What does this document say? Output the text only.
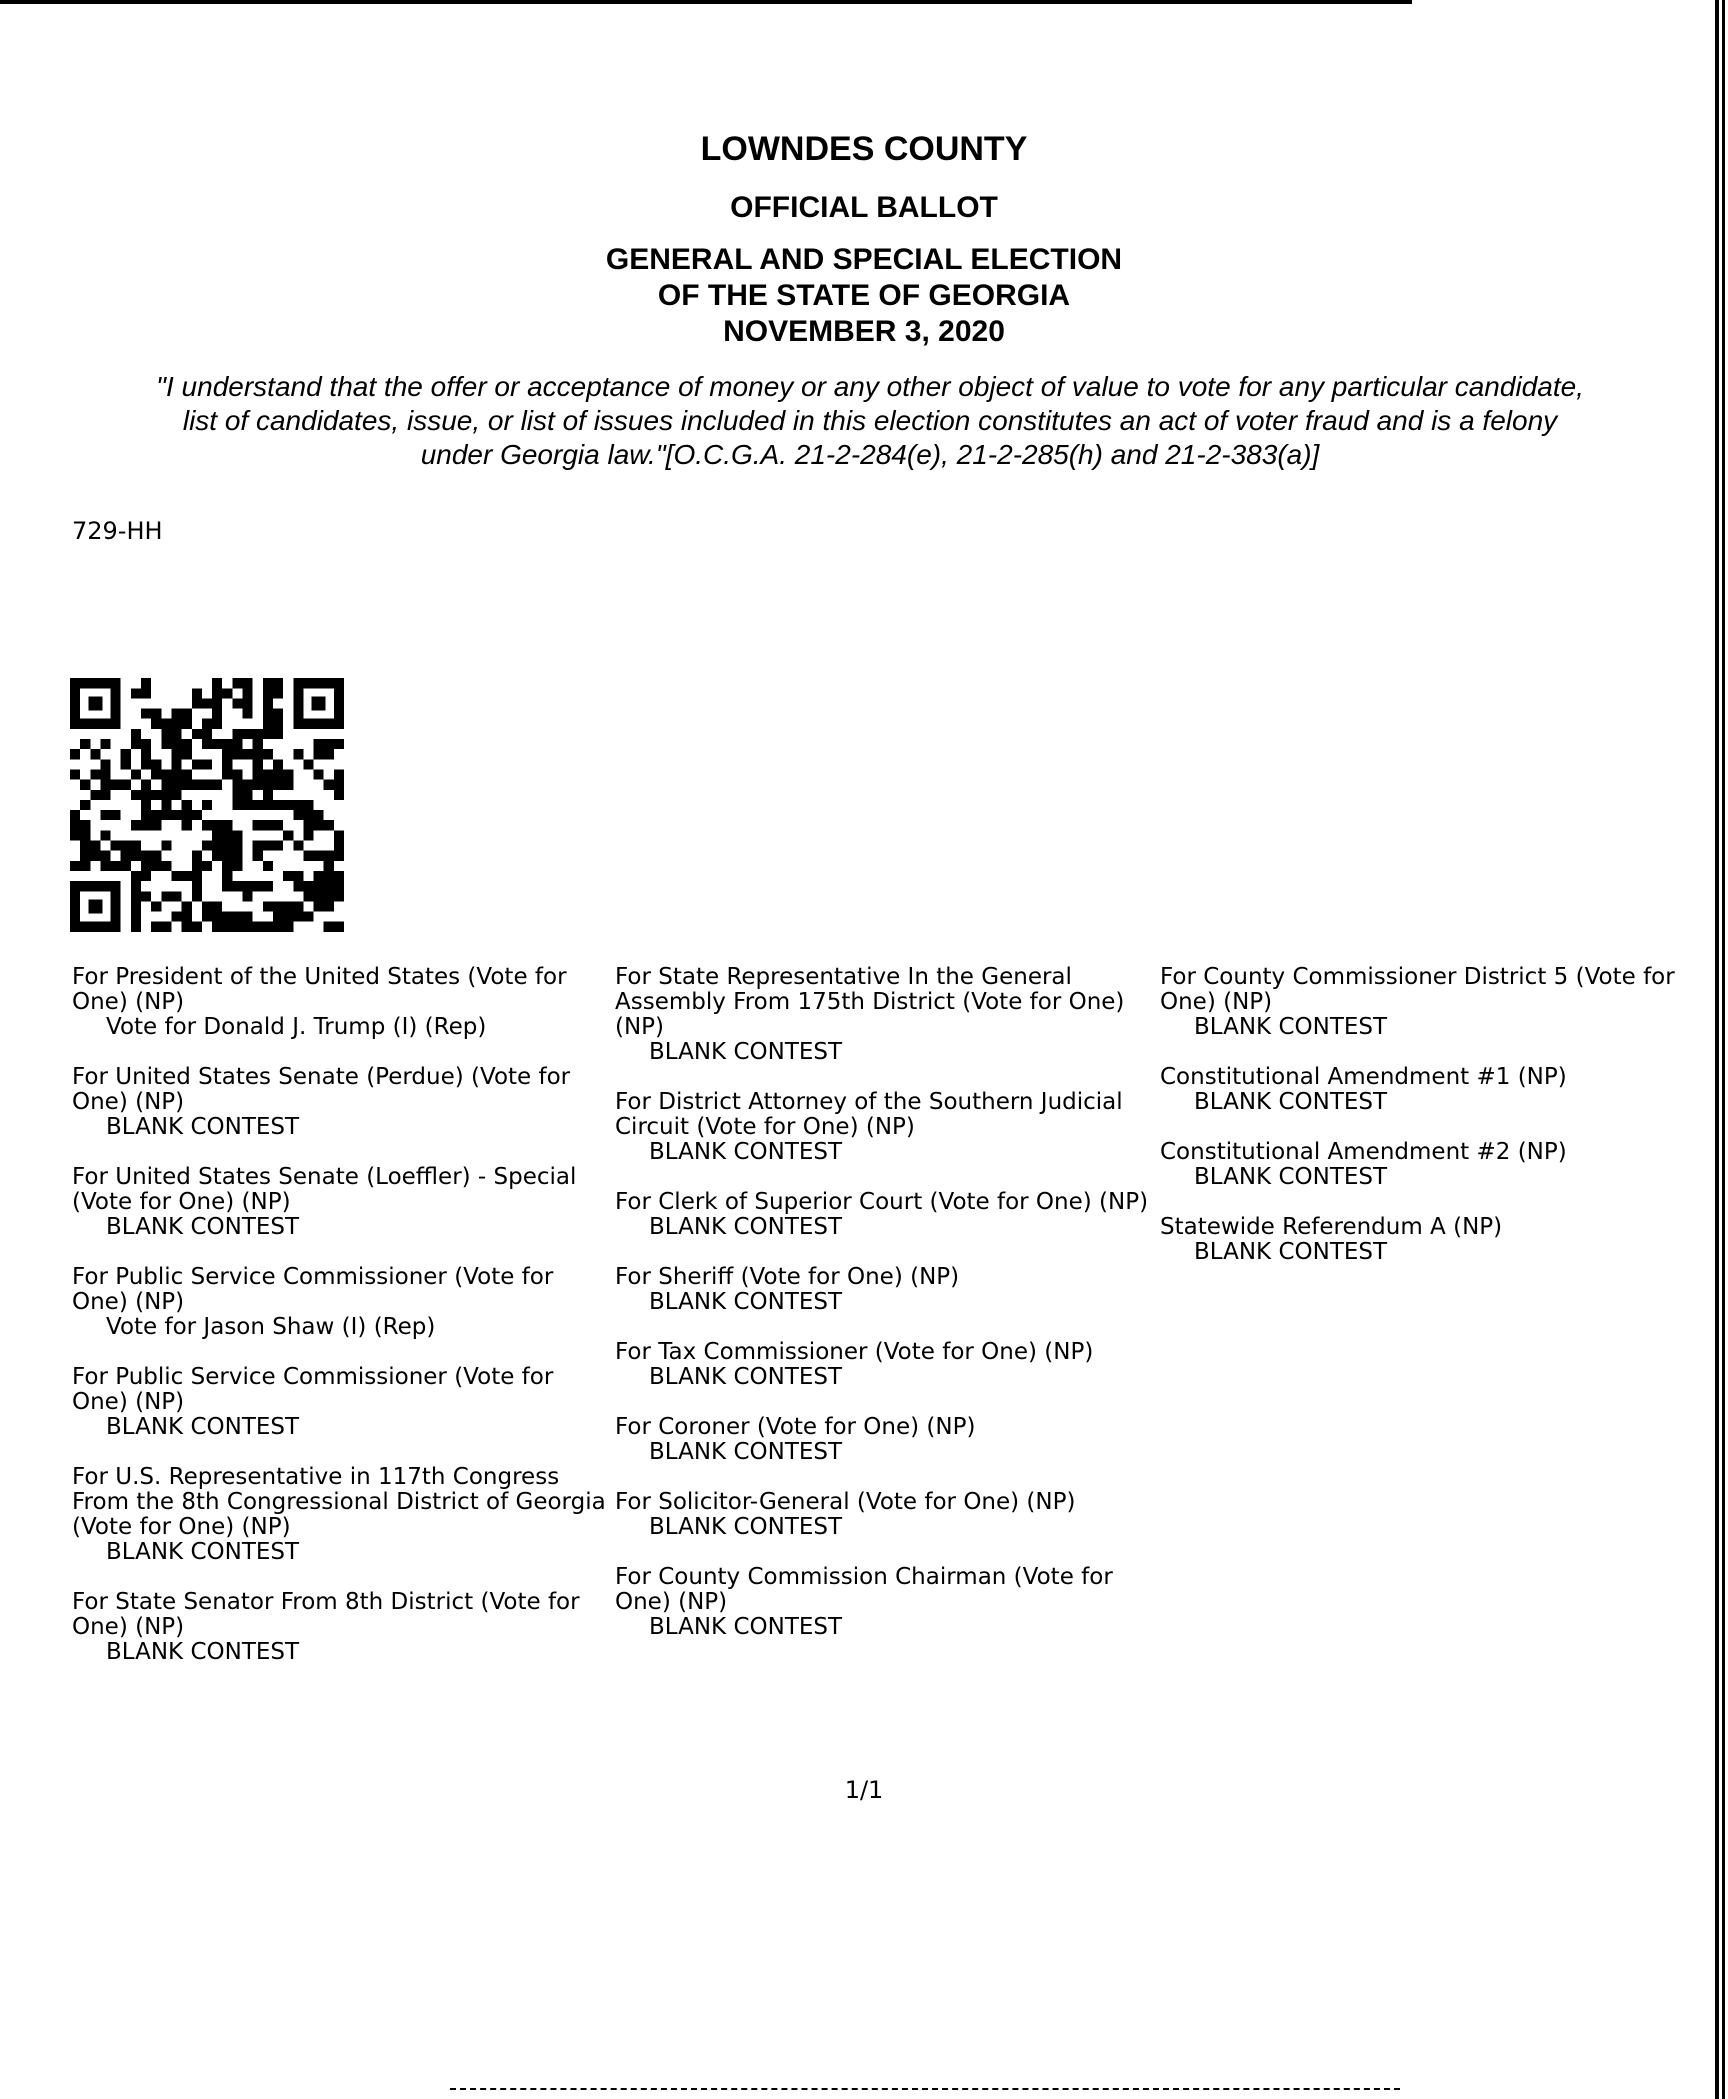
LOWNDES COUNTY
OFFICIAL BALLOT
GENERAL AND SPECIAL ELECTION
OF THE STATE OF GEORGIA
NOVEMBER 3, 2020
"I understand that the offer or acceptance of money or any other object of value to vote for any particular candidate,
list of candidates, issue, or list of issues included in this election constitutes an act of voter fraud and is a felony
under Georgia law."[O.C.G.A. 21-2-284(e), 21-2-285(h) and 21-2-383(a)]
729-HH
For President of the United States (Vote for One) (NP)
Vote for Donald J. Trump (I) (Rep)
For United States Senate (Perdue) (Vote for One) (NP)
BLANK CONTEST
For United States Senate (Loeffler) - Special (Vote for One) (NP)
BLANK CONTEST
For Public Service Commissioner (Vote for One) (NP)
Vote for Jason Shaw (I) (Rep)
For Public Service Commissioner (Vote for One) (NP)
BLANK CONTEST
For U.S. Representative in 117th Congress From the 8th Congressional District of Georgia (Vote for One) (NP)
BLANK CONTEST
For State Senator From 8th District (Vote for One) (NP)
BLANK CONTEST
For State Representative In the General Assembly From 175th District (Vote for One) (NP)
BLANK CONTEST
For District Attorney of the Southern Judicial Circuit (Vote for One) (NP)
BLANK CONTEST
For Clerk of Superior Court (Vote for One) (NP)
BLANK CONTEST
For Sheriff (Vote for One) (NP)
BLANK CONTEST
For Tax Commissioner (Vote for One) (NP)
BLANK CONTEST
For Coroner (Vote for One) (NP)
BLANK CONTEST
For Solicitor-General (Vote for One) (NP)
BLANK CONTEST
For County Commission Chairman (Vote for One) (NP)
BLANK CONTEST
For County Commissioner District 5 (Vote for One) (NP)
BLANK CONTEST
Constitutional Amendment #1 (NP)
BLANK CONTEST
Constitutional Amendment #2 (NP)
BLANK CONTEST
Statewide Referendum A (NP)
BLANK CONTEST
1/1
